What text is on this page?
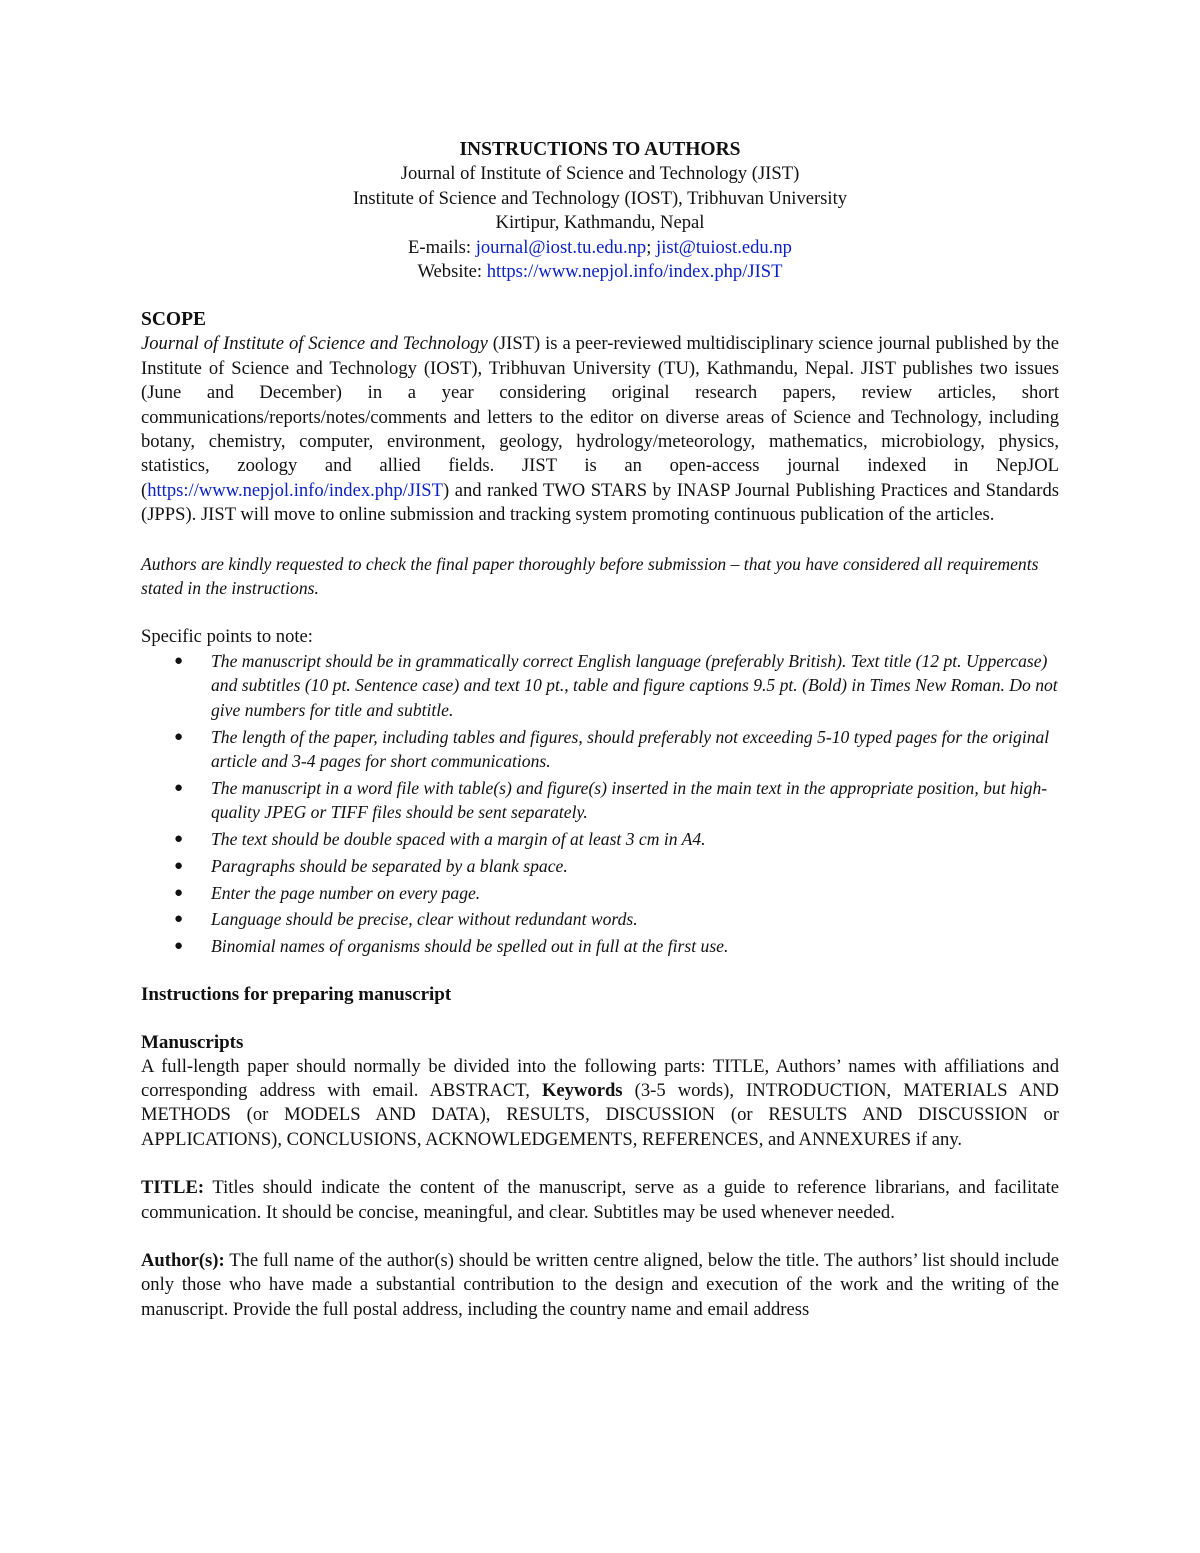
INSTRUCTIONS TO AUTHORS

Journal of Institute of Science and Technology (JIST)

Institute of Science and Technology (IOST), Tribhuvan University

Kirtipur, Kathmandu, Nepal

E-mails: journal@iost.tu.edu.np; jist@tuiost.edu.np

Website: https://www.nepjol.info/index.php/JIST

SCOPE

Journal of Institute of Science and Technology (JIST) is a peer-reviewed multidisciplinary science journal published by the Institute of Science and Technology (IOST), Tribhuvan University (TU), Kathmandu, Nepal. JIST publishes two issues (June and December) in a year considering original research papers, review articles, short communications/reports/notes/comments and letters to the editor on diverse areas of Science and Technology, including botany, chemistry, computer, environment, geology, hydrology/meteorology, mathematics, microbiology, physics, statistics, zoology and allied fields. JIST is an open-access journal indexed in NepJOL (https://www.nepjol.info/index.php/JIST) and ranked TWO STARS by INASP Journal Publishing Practices and Standards (JPPS). JIST will move to online submission and tracking system promoting continuous publication of the articles.

Authors are kindly requested to check the final paper thoroughly before submission – that you have considered all requirements stated in the instructions.

Specific points to note:

● The manuscript should be in grammatically correct English language (preferably British). Text title (12 pt. Uppercase) and subtitles (10 pt. Sentence case) and text 10 pt., table and figure captions 9.5 pt. (Bold) in Times New Roman. Do not give numbers for title and subtitle.
● The length of the paper, including tables and figures, should preferably not exceeding 5-10 typed pages for the original article and 3-4 pages for short communications.
● The manuscript in a word file with table(s) and figure(s) inserted in the main text in the appropriate position, but high-quality JPEG or TIFF files should be sent separately.
● The text should be double spaced with a margin of at least 3 cm in A4.
● Paragraphs should be separated by a blank space.
● Enter the page number on every page.
● Language should be precise, clear without redundant words.
● Binomial names of organisms should be spelled out in full at the first use.

Instructions for preparing manuscript

Manuscripts

A full-length paper should normally be divided into the following parts: TITLE, Authors’ names with affiliations and corresponding address with email. ABSTRACT, Keywords (3-5 words), INTRODUCTION, MATERIALS AND METHODS (or MODELS AND DATA), RESULTS, DISCUSSION (or RESULTS AND DISCUSSION or APPLICATIONS), CONCLUSIONS, ACKNOWLEDGEMENTS, REFERENCES, and ANNEXURES if any.

TITLE: Titles should indicate the content of the manuscript, serve as a guide to reference librarians, and facilitate communication. It should be concise, meaningful, and clear. Subtitles may be used whenever needed.

Author(s): The full name of the author(s) should be written centre aligned, below the title. The authors’ list should include only those who have made a substantial contribution to the design and execution of the work and the writing of the manuscript. Provide the full postal address, including the country name and email address
